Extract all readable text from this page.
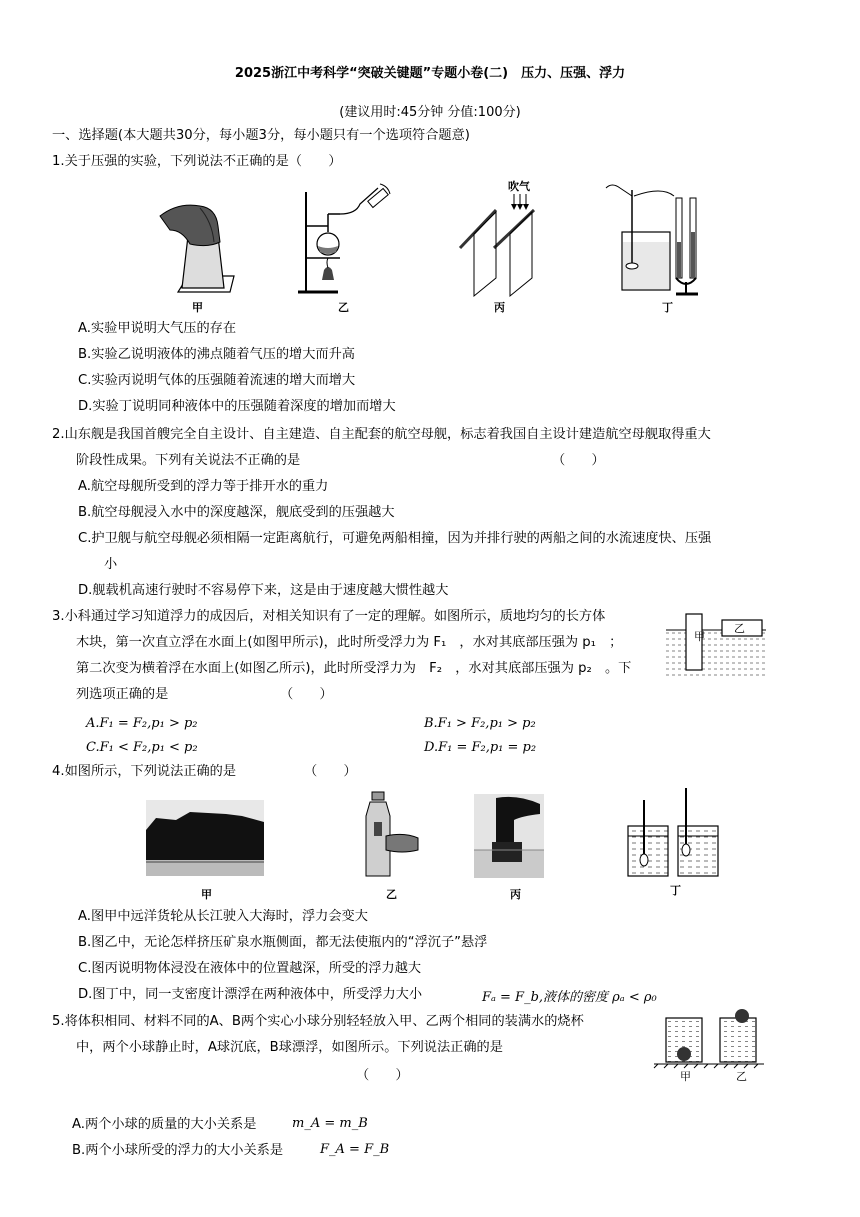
2025浙江中考科学“突破关键题”专题小卷(二)　压力、压强、浮力
(建议用时:45分钟 分值:100分)
一、选择题(本大题共30分，每小题3分，每小题只有一个选项符合题意)
1.关于压强的实验，下列说法不正确的是（　　）
甲	乙
吹气
丙	丁
A.实验甲说明大气压的存在
B.实验乙说明液体的沸点随着气压的增大而升高
C.实验丙说明气体的压强随着流速的增大而增大
D.实验丁说明同种液体中的压强随着深度的增加而增大
2.山东舰是我国首艘完全自主设计、自主建造、自主配套的航空母舰，标志着我国自主设计建造航空母舰取得重大
阶段性成果。下列有关说法不正确的是	（　　）
A.航空母舰所受到的浮力等于排开水的重力
B.航空母舰浸入水中的深度越深，舰底受到的压强越大
C.护卫舰与航空母舰必须相隔一定距离航行，可避免两船相撞，因为并排行驶的两船之间的水流速度快、压强
小
D.舰载机高速行驶时不容易停下来，这是由于速度越大惯性越大
3.小科通过学习知道浮力的成因后，对相关知识有了一定的理解。如图所示，质地均匀的长方体
木块，第一次直立浮在水面上(如图甲所示)，此时所受浮力为 F₁　，水对其底部压强为 p₁　；
第二次变为横着浮在水面上(如图乙所示)，此时所受浮力为　F₂　，水对其底部压强为 p₂　。下
列选项正确的是	（　　）
甲
乙
A.F₁ = F₂,p₁ > p₂	B.F₁ > F₂,p₁ > p₂
C.F₁ < F₂,p₁ < p₂	D.F₁ = F₂,p₁ = p₂
4.如图所示，下列说法正确的是	（　　）
甲	乙	丙	丁
A.图甲中远洋货轮从长江驶入大海时，浮力会变大
B.图乙中，无论怎样挤压矿泉水瓶侧面，都无法使瓶内的“浮沉子”悬浮
C.图丙说明物体浸没在液体中的位置越深，所受的浮力越大
D.图丁中，同一支密度计漂浮在两种液体中，所受浮力大小	Fₐ = F_b,液体的密度 ρₐ < ρ₀
5.将体积相同、材料不同的A、B两个实心小球分别轻轻放入甲、乙两个相同的装满水的烧杯
中，两个小球静止时，A球沉底，B球漂浮，如图所示。下列说法正确的是
（　　）	甲	乙
A.两个小球的质量的大小关系是	m_A = m_B
B.两个小球所受的浮力的大小关系是	F_A = F_B
